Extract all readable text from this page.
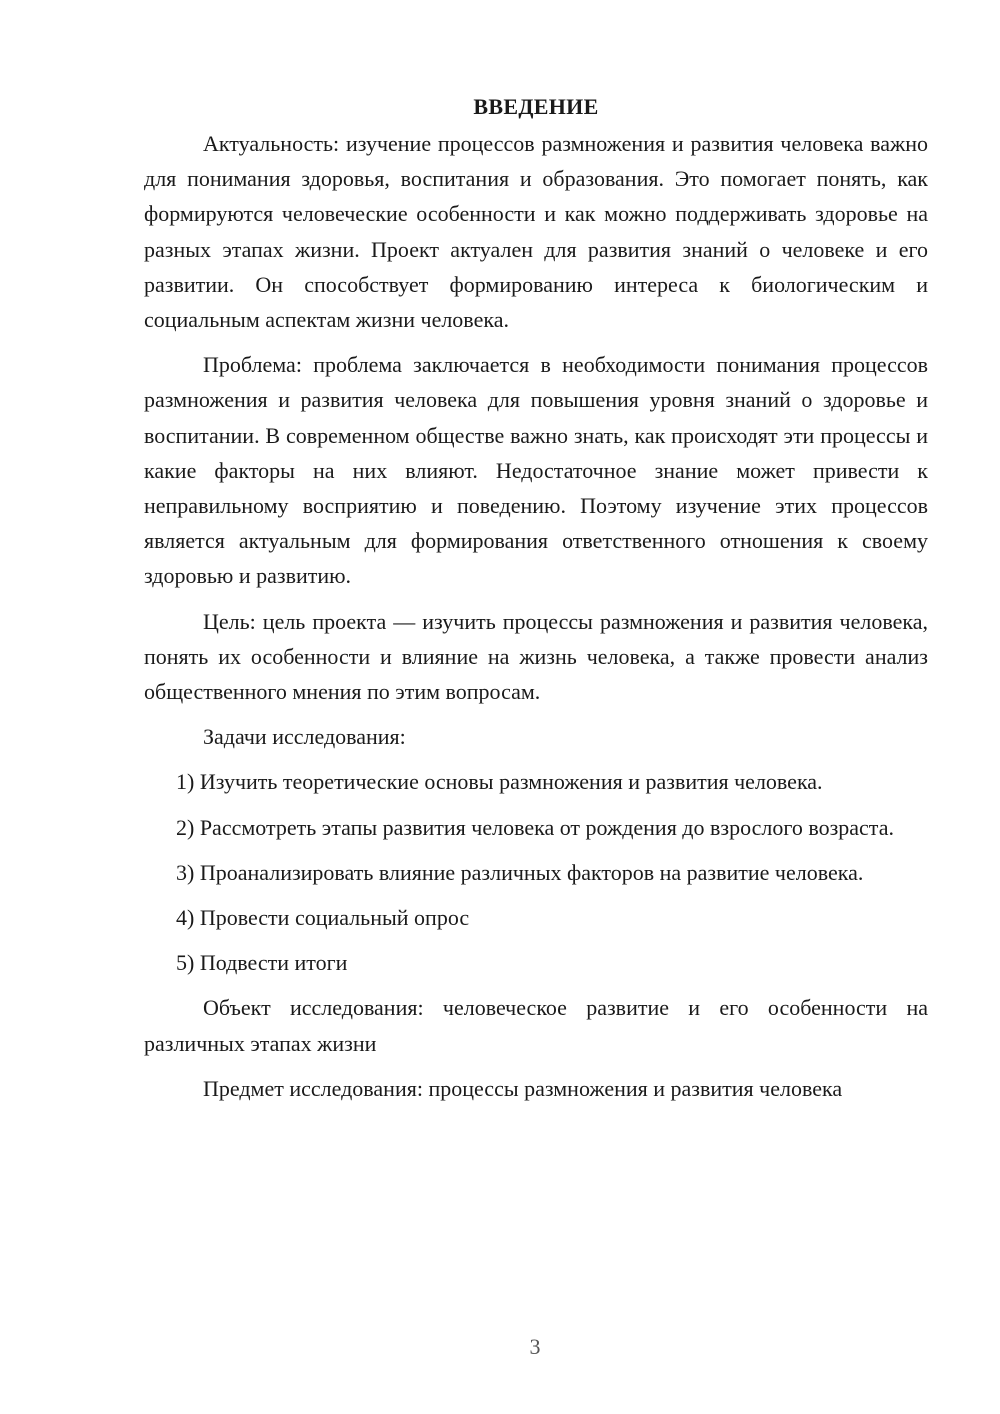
ВВЕДЕНИЕ

Актуальность: изучение процессов размножения и развития человека важно для понимания здоровья, воспитания и образования. Это помогает понять, как формируются человеческие особенности и как можно поддерживать здоровье на разных этапах жизни. Проект актуален для развития знаний о человеке и его развитии. Он способствует формированию интереса к биологическим и социальным аспектам жизни человека.

Проблема: проблема заключается в необходимости понимания процессов размножения и развития человека для повышения уровня знаний о здоровье и воспитании. В современном обществе важно знать, как происходят эти процессы и какие факторы на них влияют. Недостаточное знание может привести к неправильному восприятию и поведению. Поэтому изучение этих процессов является актуальным для формирования ответственного отношения к своему здоровью и развитию.

Цель: цель проекта — изучить процессы размножения и развития человека, понять их особенности и влияние на жизнь человека, а также провести анализ общественного мнения по этим вопросам.

Задачи исследования:

1) Изучить теоретические основы размножения и развития человека.

2) Рассмотреть этапы развития человека от рождения до взрослого возраста.

3) Проанализировать влияние различных факторов на развитие человека.

4) Провести социальный опрос

5) Подвести итоги

Объект исследования: человеческое развитие и его особенности на различных этапах жизни

Предмет исследования: процессы размножения и развития человека

3
